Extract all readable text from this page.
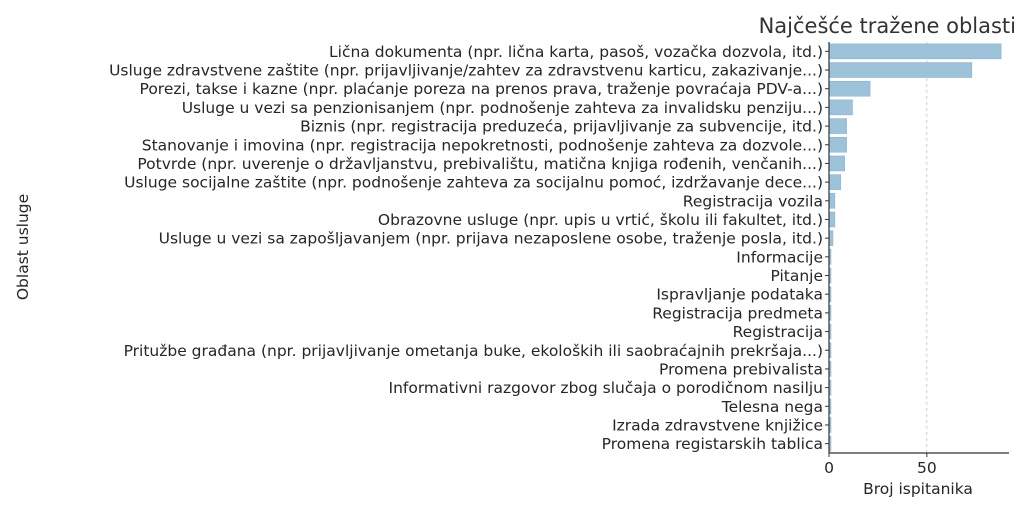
Lična dokumenta (npr. lična karta, pasoš, vozačka dozvola, itd.)
Usluge zdravstvene zaštite (npr. prijavljivanje/zahtev za zdravstvenu karticu, zakazivanje...)
Porezi, takse i kazne (npr. plaćanje poreza na prenos prava, traženje povraćaja PDV-a...)
Usluge u vezi sa penzionisanjem (npr. podnošenje zahteva za invalidsku penziju...)
Biznis (npr. registracija preduzeća, prijavljivanje za subvencije, itd.)
Stanovanje i imovina (npr. registracija nepokretnosti, podnošenje zahteva za dozvole...)
Potvrde (npr. uverenje o državljanstvu, prebivalištu, matična knjiga rođenih, venčanih...)
Usluge socijalne zaštite (npr. podnošenje zahteva za socijalnu pomoć, izdržavanje dece...)
Registracija vozila
Obrazovne usluge (npr. upis u vrtić, školu ili fakultet, itd.)
Usluge u vezi sa zapošljavanjem (npr. prijava nezaposlene osobe, traženje posla, itd.)
Informacije
Pitanje
Ispravljanje podataka
Registracija predmeta
Registracija
Pritužbe građana (npr. prijavljivanje ometanja buke, ekoloških ili saobraćajnih prekršaja...)
Promena prebivalista
Informativni razgovor zbog slučaja o porodičnom nasilju
Telesna nega
Izrada zdravstvene knjižice
Promena registarskih tablica
0	50
Najčešće tražene oblasti
Broj ispitanika
Oblast usluge
